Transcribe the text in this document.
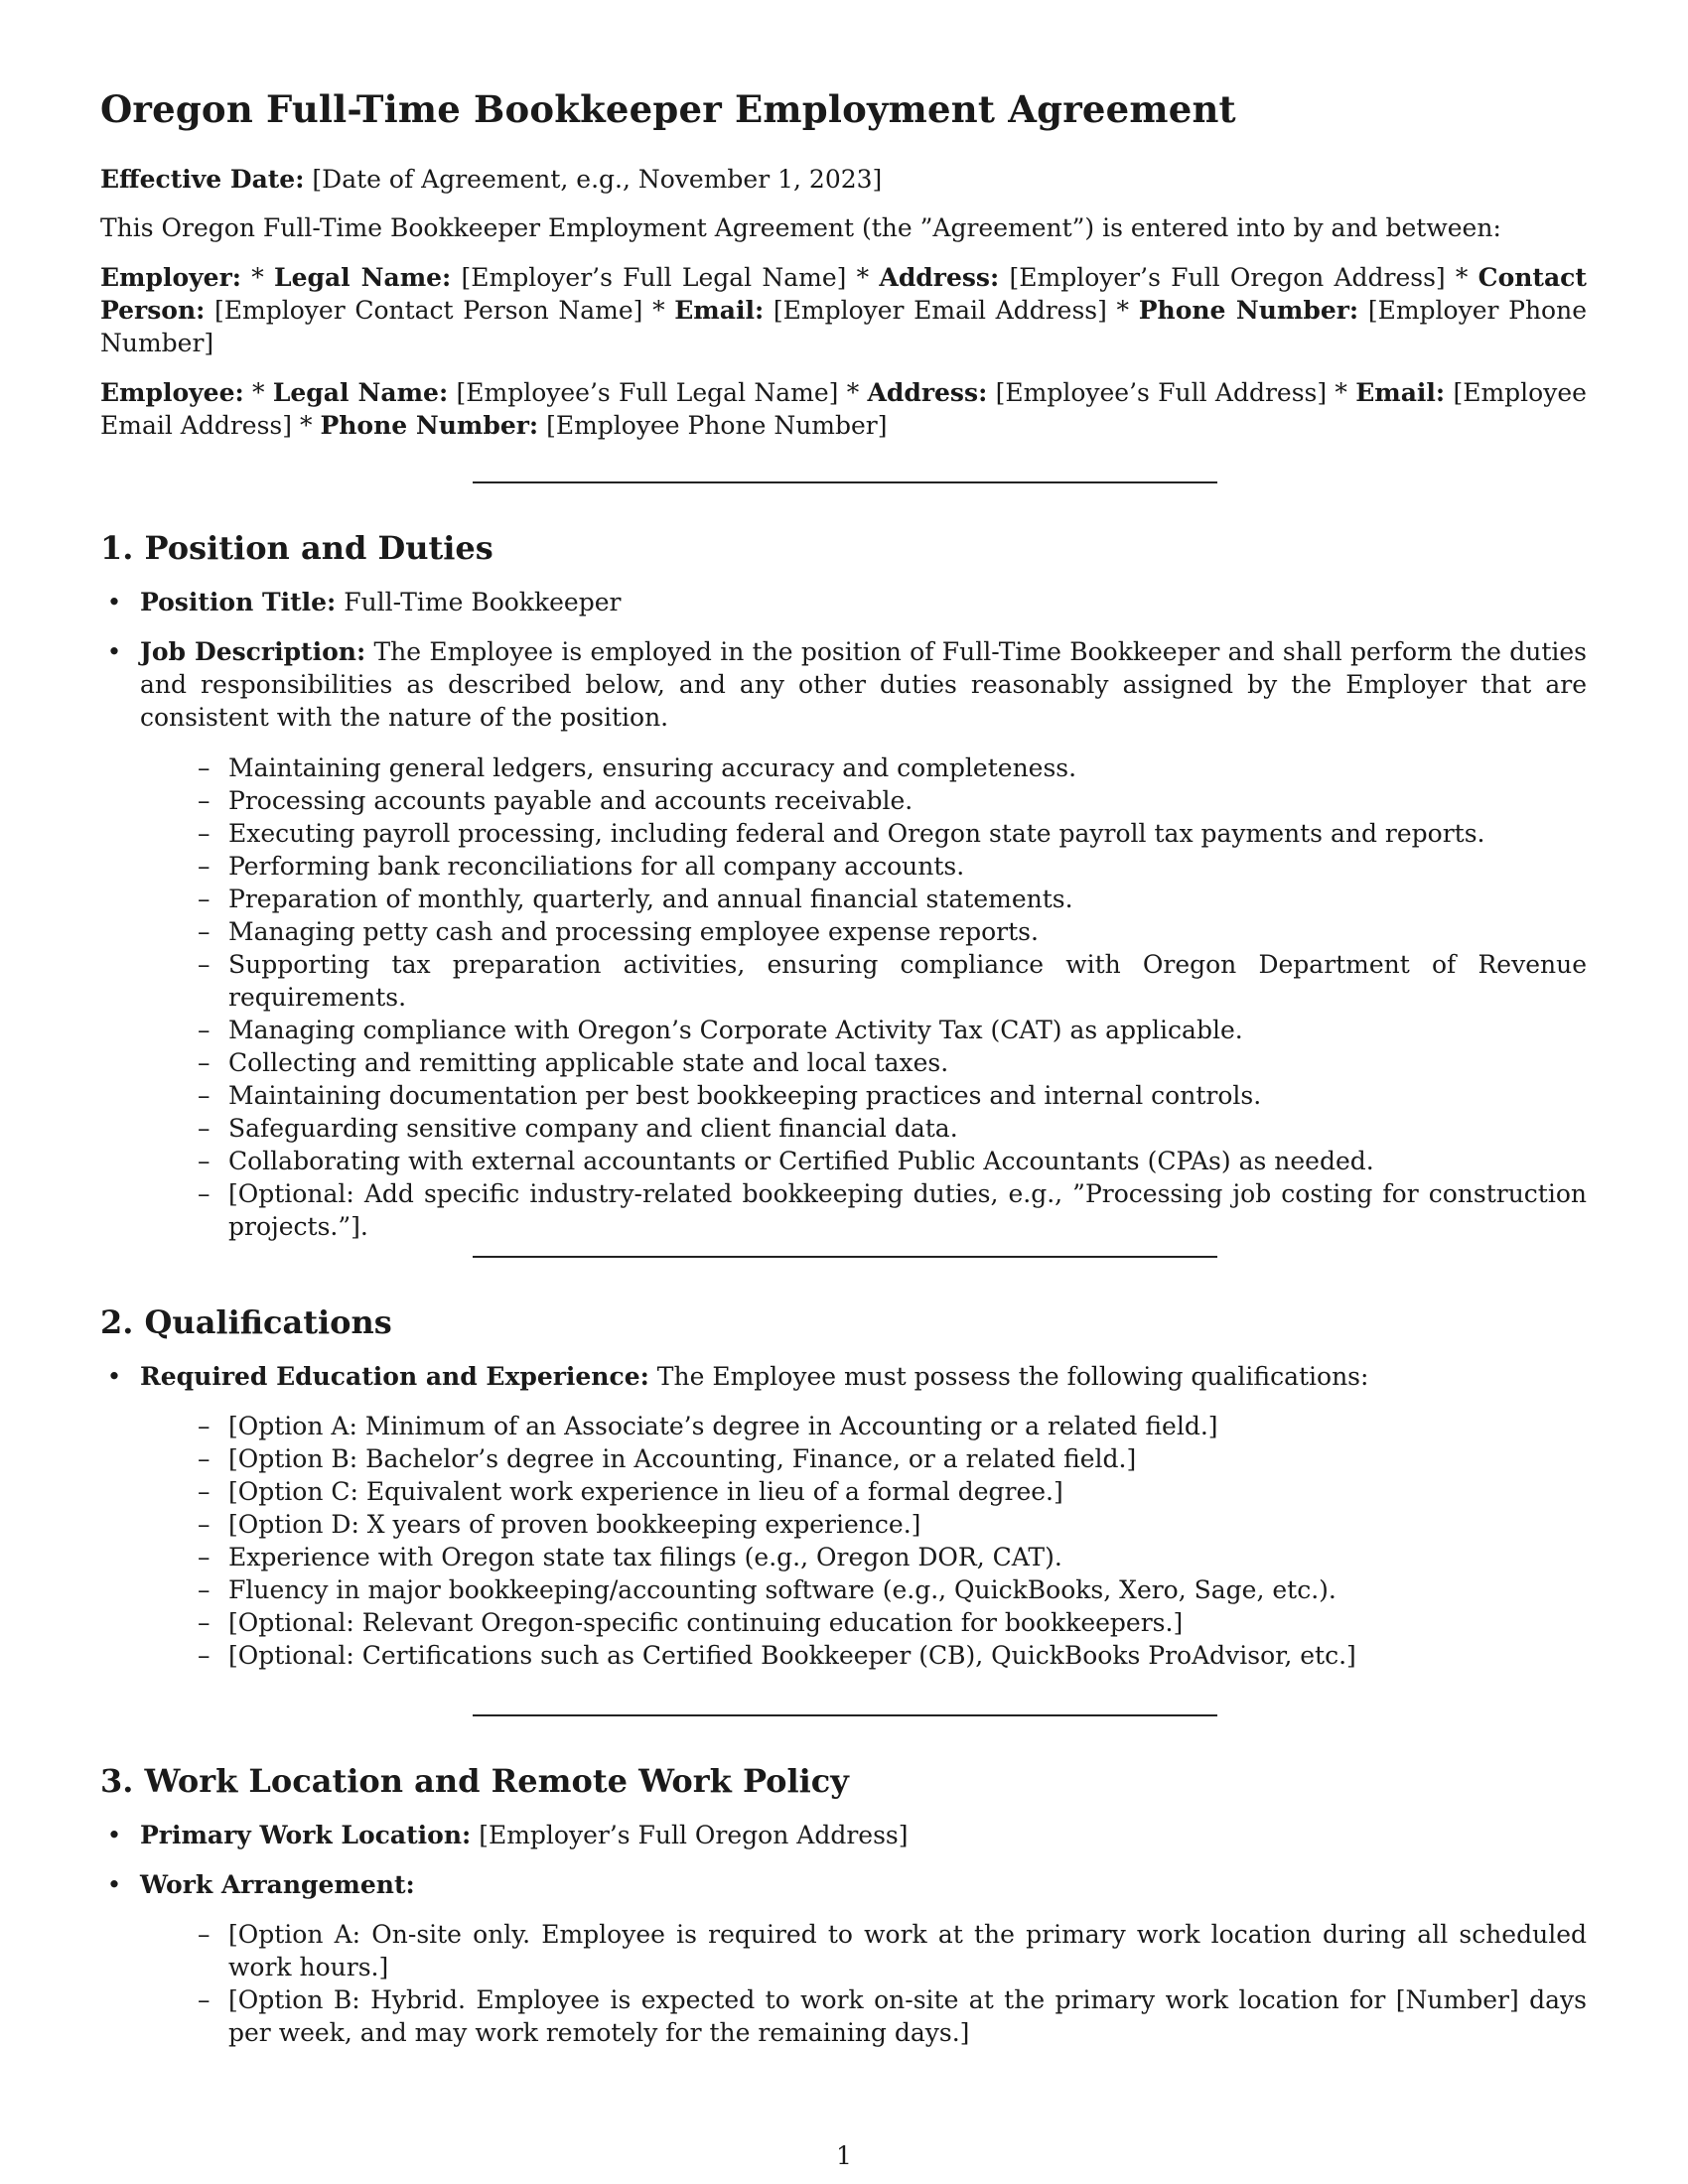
Oregon Full-Time Bookkeeper Employment Agreement

Effective Date: [Date of Agreement, e.g., November 1, 2023]

This Oregon Full-Time Bookkeeper Employment Agreement (the ”Agreement”) is entered into by and between:

Employer: * Legal Name: [Employer’s Full Legal Name] * Address: [Employer’s Full Oregon Address] * Contact Person: [Employer Contact Person Name] * Email: [Employer Email Address] * Phone Number: [Employer Phone Number]

Employee: * Legal Name: [Employee’s Full Legal Name] * Address: [Employee’s Full Address] * Email: [Employee Email Address] * Phone Number: [Employee Phone Number]

1. Position and Duties
• Position Title: Full-Time Bookkeeper
• Job Description: The Employee is employed in the position of Full-Time Bookkeeper and shall perform the duties and responsibilities as described below, and any other duties reasonably assigned by the Employer that are consistent with the nature of the position.
– Maintaining general ledgers, ensuring accuracy and completeness.
– Processing accounts payable and accounts receivable.
– Executing payroll processing, including federal and Oregon state payroll tax payments and reports.
– Performing bank reconciliations for all company accounts.
– Preparation of monthly, quarterly, and annual financial statements.
– Managing petty cash and processing employee expense reports.
– Supporting tax preparation activities, ensuring compliance with Oregon Department of Revenue requirements.
– Managing compliance with Oregon’s Corporate Activity Tax (CAT) as applicable.
– Collecting and remitting applicable state and local taxes.
– Maintaining documentation per best bookkeeping practices and internal controls.
– Safeguarding sensitive company and client financial data.
– Collaborating with external accountants or Certified Public Accountants (CPAs) as needed.
– [Optional: Add specific industry-related bookkeeping duties, e.g., ”Processing job costing for construction projects.”].
2. Qualifications
• Required Education and Experience: The Employee must possess the following qualifications:
– [Option A: Minimum of an Associate’s degree in Accounting or a related field.]
– [Option B: Bachelor’s degree in Accounting, Finance, or a related field.]
– [Option C: Equivalent work experience in lieu of a formal degree.]
– [Option D: X years of proven bookkeeping experience.]
– Experience with Oregon state tax filings (e.g., Oregon DOR, CAT).
– Fluency in major bookkeeping/accounting software (e.g., QuickBooks, Xero, Sage, etc.).
– [Optional: Relevant Oregon-specific continuing education for bookkeepers.]
– [Optional: Certifications such as Certified Bookkeeper (CB), QuickBooks ProAdvisor, etc.]
3. Work Location and Remote Work Policy
• Primary Work Location: [Employer’s Full Oregon Address]
• Work Arrangement:
– [Option A: On-site only. Employee is required to work at the primary work location during all scheduled work hours.]
– [Option B: Hybrid. Employee is expected to work on-site at the primary work location for [Number] days per week, and may work remotely for the remaining days.]
1
